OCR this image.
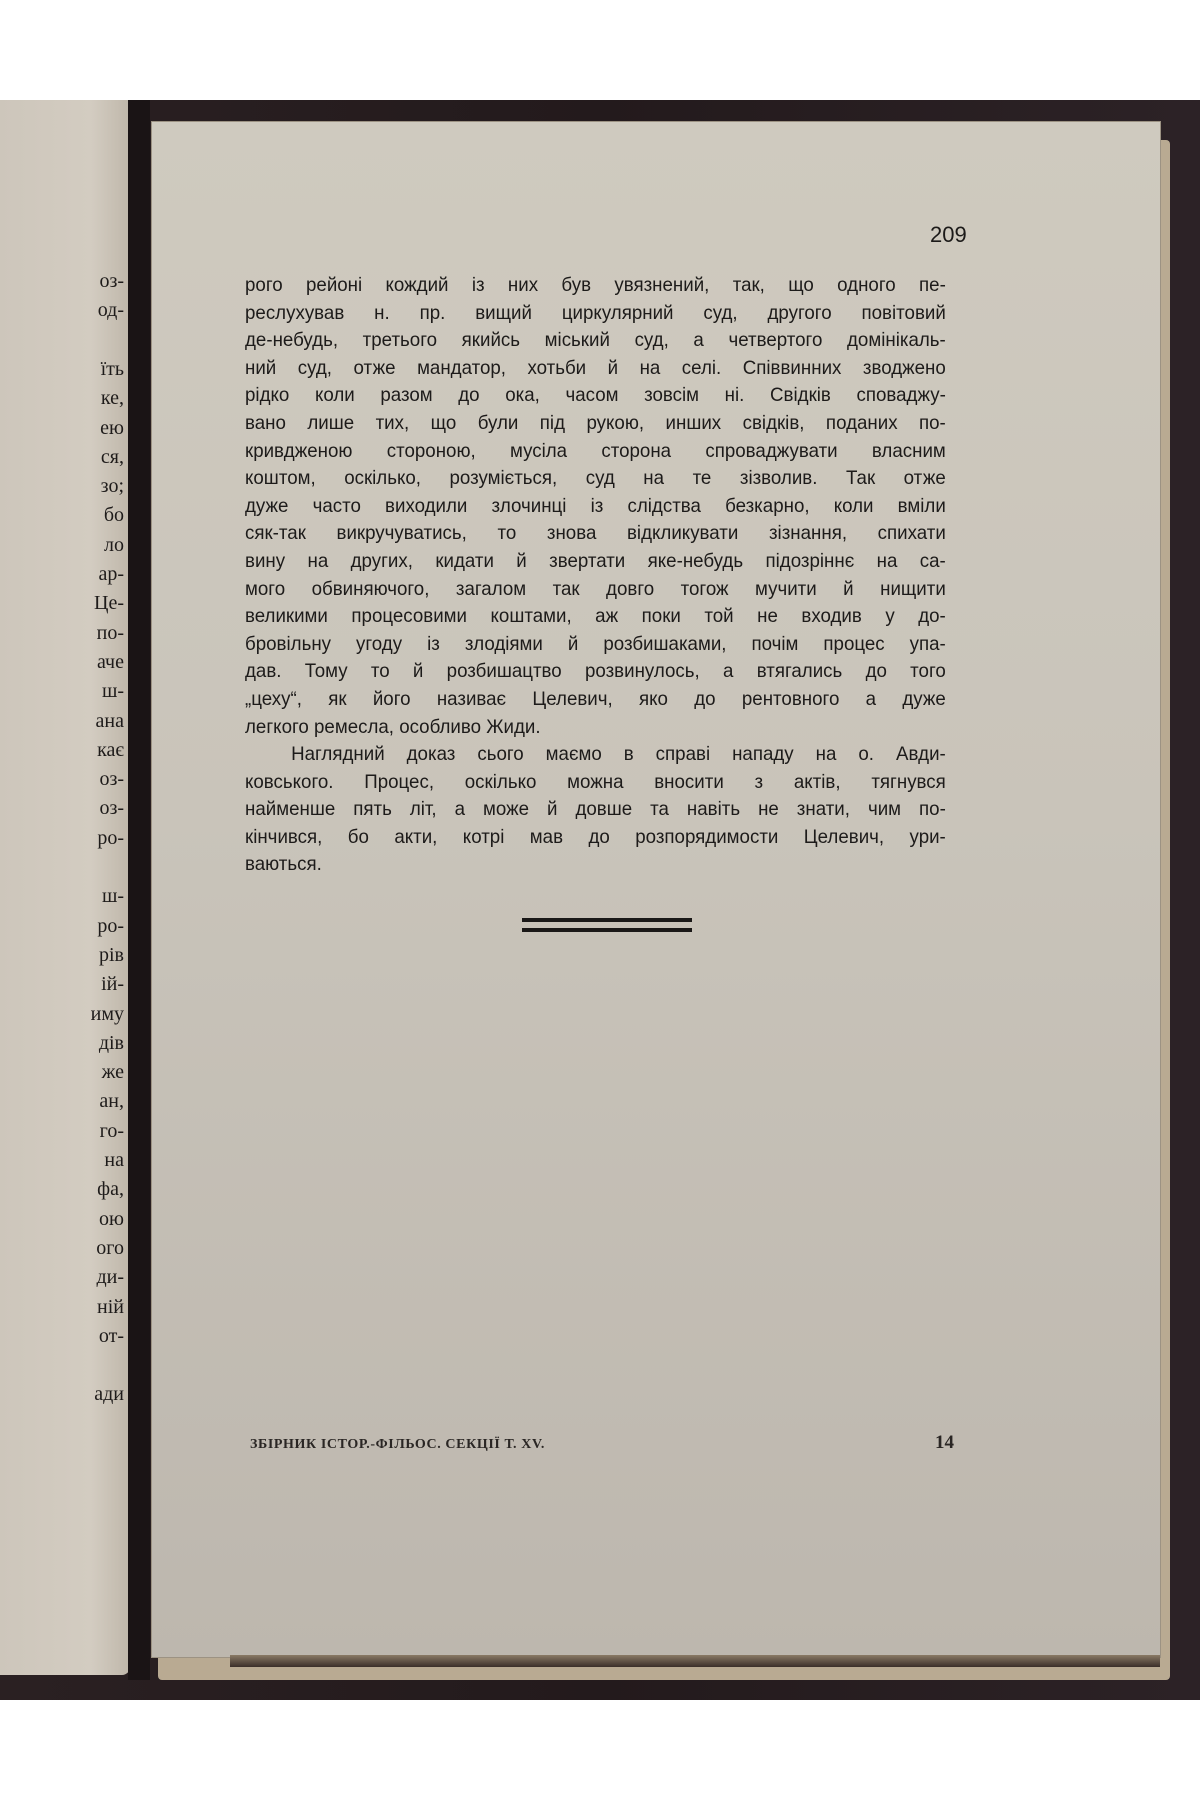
оз-
од-
їть
ке,
ею
ся,
зо;
бо
ло
ар-
Це-
по-
аче
ш-
ана
кає
оз-
оз-
ро-
ш-
ро-
рів
ій-
иму
дів
же
ан,
го-
на
фа,
ою
ого
ди-
ній
от-
ади
209
рого рейоні кождий із них був увязнений, так, що одного пе-
реслухував н. пр. вищий циркулярний суд, другого повітовий
де-небудь, третього якийсь міський суд, а четвертого домінікаль-
ний суд, отже мандатор, хотьби й на селі. Співвинних зводжено
рідко коли разом до ока, часом зовсім ні. Свідків споваджу-
вано лише тих, що були під рукою, инших свідків, поданих по-
кривдженою стороною, мусіла сторона спроваджувати власним
коштом, оскілько, розуміється, суд на те зізволив. Так отже
дуже часто виходили злочинці із слідства безкарно, коли вміли
сяк-так викручуватись, то знова відкликувати зізнання, спихати
вину на других, кидати й звертати яке-небудь підозріннє на са-
мого обвиняючого, загалом так довго тогож мучити й нищити
великими процесовими коштами, аж поки той не входив у до-
бровільну угоду із злодіями й розбишаками, почім процес упа-
дав. Тому то й розбишацтво розвинулось, а втягались до того
„цеху“, як його називає Целевич, яко до рентовного а дуже
легкого ремесла, особливо Жиди.
Наглядний доказ сього маємо в справі нападу на о. Авди-
ковського. Процес, оскілько можна вносити з актів, тягнувся
найменше пять літ, а може й довше та навіть не знати, чим по-
кінчився, бо акти, котрі мав до розпорядимости Целевич, ури-
ваються.
ЗБІРНИК ІСТОР.-ФІЛЬОС. СЕКЦІЇ Т. XV.	14
